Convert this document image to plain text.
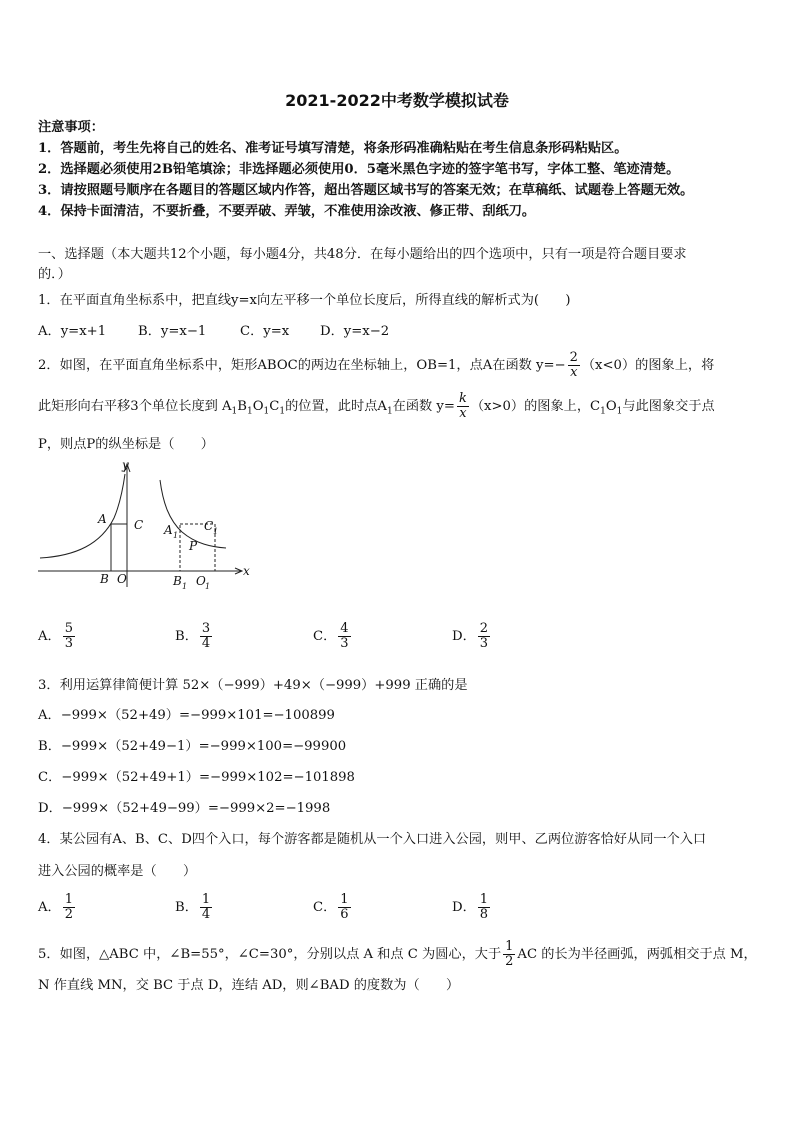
2021-2022中考数学模拟试卷
注意事项：
1．答题前，考生先将自己的姓名、准考证号填写清楚，将条形码准确粘贴在考生信息条形码粘贴区。
2．选择题必须使用2B铅笔填涂；非选择题必须使用0．5毫米黑色字迹的签字笔书写，字体工整、笔迹清楚。
3．请按照题号顺序在各题目的答题区域内作答，超出答题区域书写的答案无效；在草稿纸、试题卷上答题无效。
4．保持卡面清洁，不要折叠，不要弄破、弄皱，不准使用涂改液、修正带、刮纸刀。
一、选择题（本大题共12个小题，每小题4分，共48分．在每小题给出的四个选项中，只有一项是符合题目要求
的．）
1．在平面直角坐标系中，把直线y=x向左平移一个单位长度后，所得直线的解析式为(　　)
A．y=x+1 B．y=x−1	C．y=x D．y=x−2
2．如图，在平面直角坐标系中，矩形ABOC的两边在坐标轴上，OB=1，点A在函数 $y=- \frac{2}{x} (x<0)$的图象上，将
此矩形向右平移3个单位长度到 $A_1B_1O_1C_1$的位置，此时点$A_1$在函数 $y= \frac{k}{x} (x>0)$的图象上，$C_1O_1$与此图象交于点
P，则点P的纵坐标是（　　）
y
x
A C
B O
A 1
C 1
P
B 1 O 1
A． $\frac{5}{3}$	B． $\frac{3}{4}$	C． $\frac{4}{3}$	D． $\frac{2}{3}$
3．利用运算律简便计算 52×（−999）+49×（−999）+999 正确的是
A．−999×（52+49）=−999×101=−100899
B．−999×（52+49−1）=−999×100=−99900
C．−999×（52+49+1）=−999×102=−101898
D．−999×（52+49−99）=−999×2=−1998
4．某公园有A、B、C、D四个入口，每个游客都是随机从一个入口进入公园，则甲、乙两位游客恰好从同一个入口
进入公园的概率是（　　）
A． $\frac{1}{2}$	B． $\frac{1}{4}$	C． $\frac{1}{6}$	D． $\frac{1}{8}$
5．如图，△ABC 中，∠B=55°，∠C=30°，分别以点 A 和点 C 为圆心，大于 $\frac{1}{2}$ AC 的长为半径画弧，两弧相交于点 M，
N 作直线 MN，交 BC 于点 D，连结 AD，则∠BAD 的度数为（　　）
